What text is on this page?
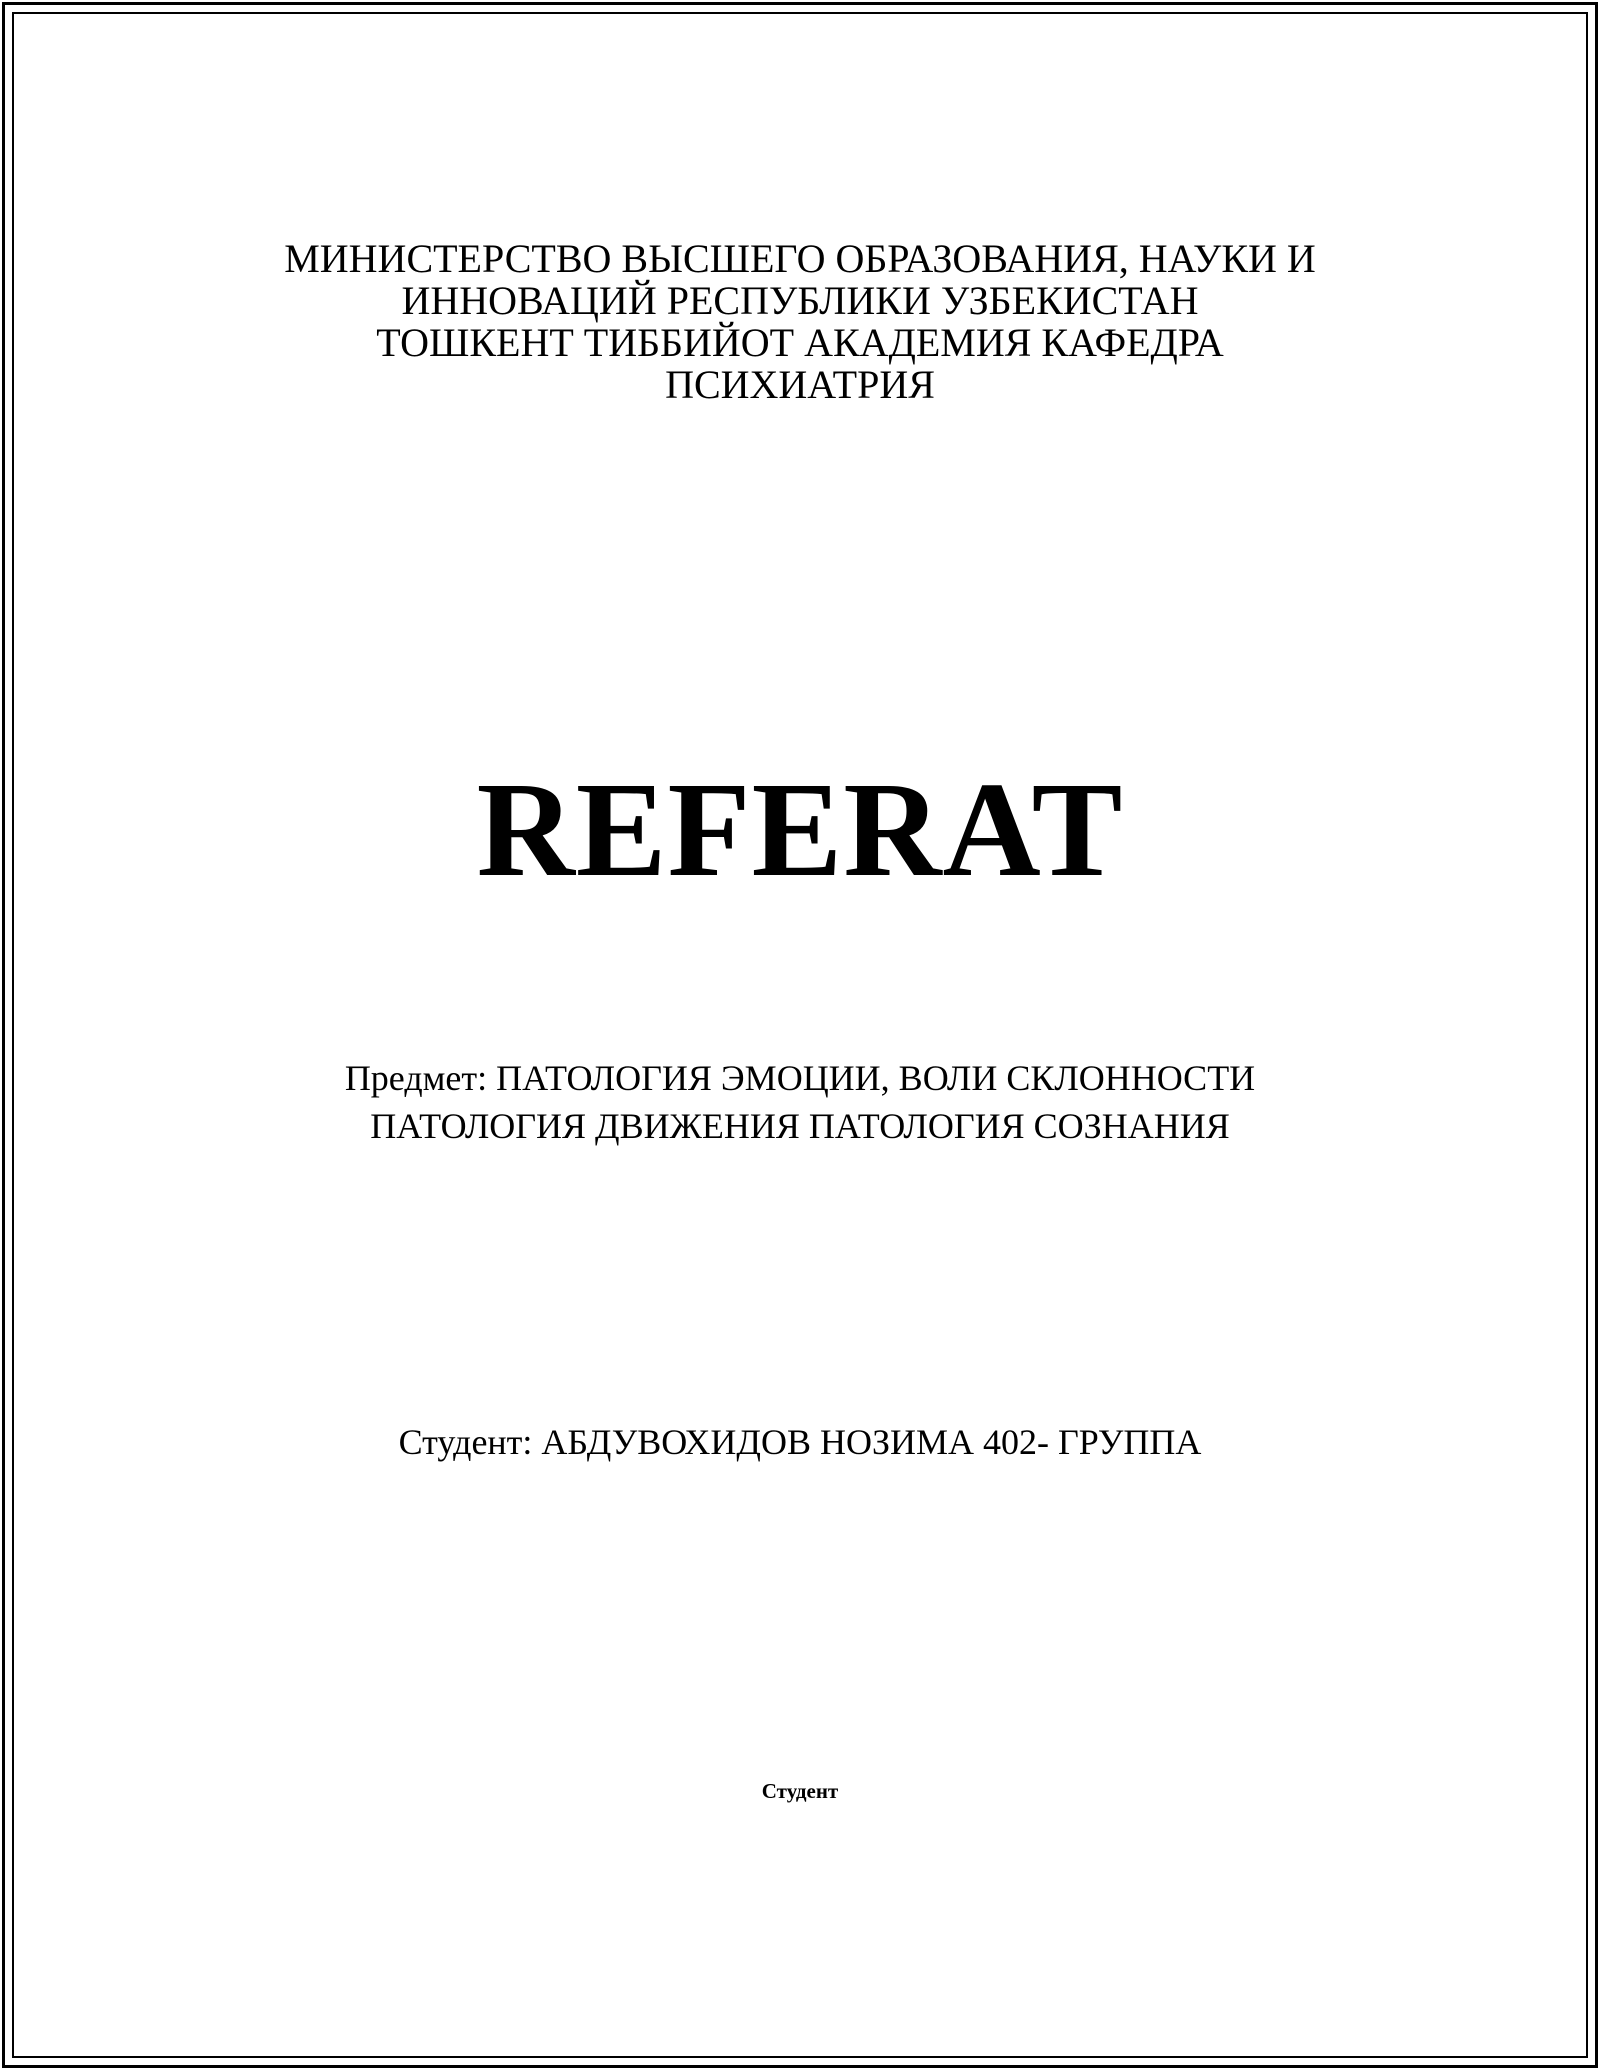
МИНИСТЕРСТВО ВЫСШЕГО ОБРАЗОВАНИЯ, НАУКИ И
ИННОВАЦИЙ РЕСПУБЛИКИ УЗБЕКИСТАН
ТОШКЕНТ ТИББИЙОТ АКАДЕМИЯ КАФЕДРА
ПСИХИАТРИЯ
REFERAT
Предмет: ПАТОЛОГИЯ ЭМОЦИИ, ВОЛИ СКЛОННОСТИ
ПАТОЛОГИЯ ДВИЖЕНИЯ ПАТОЛОГИЯ СОЗНАНИЯ
Студент: АБДУВОХИДОВ НОЗИМА 402- ГРУППА
Студент
